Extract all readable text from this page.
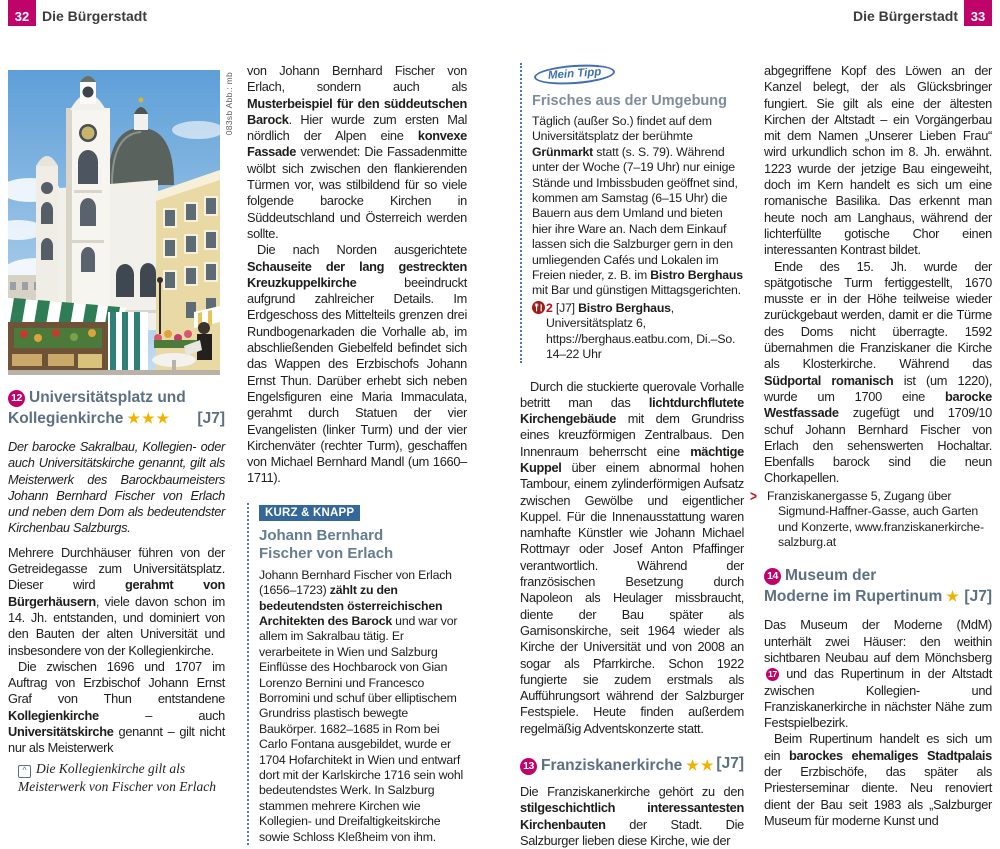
32 Die Bürgerstadt	Die Bürgerstadt 33
083sb Abb.: mb
12 Universitätsplatz und
Kollegienkirche ★★★ [J7]

Der barocke Sakralbau, Kollegien- oder auch Universitätskirche genannt, gilt als Meisterwerk des Barockbaumeisters Johann Bernhard Fischer von Erlach und neben dem Dom als bedeutendster Kirchenbau Salzburgs.

Mehrere Durchhäuser führen von der Getreidegasse zum Universitätsplatz. Dieser wird gerahmt von Bürgerhäusern, viele davon schon im 14. Jh. entstanden, und dominiert von den Bauten der alten Universität und insbesondere von der Kollegienkirche.

Die zwischen 1696 und 1707 im Auftrag von Erzbischof Johann Ernst Graf von Thun entstandene Kollegienkirche – auch Universitätskirche genannt – gilt nicht nur als Meisterwerk

^ Die Kollegienkirche gilt als Meisterwerk von Fischer von Erlach

von Johann Bernhard Fischer von Erlach, sondern auch als Musterbeispiel für den süddeutschen Barock. Hier wurde zum ersten Mal nördlich der Alpen eine konvexe Fassade verwendet: Die Fassadenmitte wölbt sich zwischen den flankierenden Türmen vor, was stilbildend für so viele folgende barocke Kirchen in Süddeutschland und Österreich werden sollte.

Die nach Norden ausgerichtete Schauseite der lang gestreckten Kreuzkuppelkirche beeindruckt aufgrund zahlreicher Details. Im Erdgeschoss des Mittelteils grenzen drei Rundbogenarkaden die Vorhalle ab, im abschließenden Giebelfeld befindet sich das Wappen des Erzbischofs Johann Ernst Thun. Darüber erhebt sich neben Engelsfiguren eine Maria Immaculata, gerahmt durch Statuen der vier Evangelisten (linker Turm) und der vier Kirchenväter (rechter Turm), geschaffen von Michael Bernhard Mandl (um 1660–1711).

KURZ & KNAPP
Johann Bernhard
Fischer von Erlach

Johann Bernhard Fischer von Erlach (1656–1723) zählt zu den bedeutendsten österreichischen Architekten des Barock und war vor allem im Sakralbau tätig. Er verarbeitete in Wien und Salzburg Einflüsse des Hochbarock von Gian Lorenzo Bernini und Francesco Borromini und schuf über elliptischem Grundriss plastisch bewegte Baukörper. 1682–1685 in Rom bei Carlo Fontana ausgebildet, wurde er 1704 Hofarchitekt in Wien und entwarf dort mit der Karlskirche 1716 sein wohl bedeutendstes Werk. In Salzburg stammen mehrere Kirchen wie Kollegien- und Dreifaltigkeitskirche sowie Schloss Kleßheim von ihm.

Mein Tipp
Frisches aus der Umgebung

Täglich (außer So.) findet auf dem Universitätsplatz der berühmte Grünmarkt statt (s. S. 79). Während unter der Woche (7–19 Uhr) nur einige Stände und Imbissbuden geöffnet sind, kommen am Samstag (6–15 Uhr) die Bauern aus dem Umland und bieten hier ihre Ware an. Nach dem Einkauf lassen sich die Salzburger gern in den umliegenden Cafés und Lokalen im Freien nieder, z. B. im Bistro Berghaus mit Bar und günstigen Mittagsgerichten.

2 [J7] Bistro Berghaus, Universitätsplatz 6, https://berghaus.eatbu.com, Di.–So. 14–22 Uhr

Durch die stuckierte querovale Vorhalle betritt man das lichtdurchflutete Kirchengebäude mit dem Grundriss eines kreuzförmigen Zentralbaus. Den Innenraum beherrscht eine mächtige Kuppel über einem abnormal hohen Tambour, einem zylinderförmigen Aufsatz zwischen Gewölbe und eigentlicher Kuppel. Für die Innenausstattung waren namhafte Künstler wie Johann Michael Rottmayr oder Josef Anton Pfaffinger verantwortlich. Während der französischen Besetzung durch Napoleon als Heulager missbraucht, diente der Bau später als Garnisonskirche, seit 1964 wieder als Kirche der Universität und von 2008 an sogar als Pfarrkirche. Schon 1922 fungierte sie zudem erstmals als Aufführungsort während der Salzburger Festspiele. Heute finden außerdem regelmäßig Adventskonzerte statt.

13 Franziskanerkirche ★★ [J7]

Die Franziskanerkirche gehört zu den stilgeschichtlich interessantesten Kirchenbauten der Stadt. Die Salzburger lieben diese Kirche, wie der

abgegriffene Kopf des Löwen an der Kanzel belegt, der als Glücksbringer fungiert. Sie gilt als eine der ältesten Kirchen der Altstadt – ein Vorgängerbau mit dem Namen „Unserer Lieben Frau“ wird urkundlich schon im 8. Jh. erwähnt. 1223 wurde der jetzige Bau eingeweiht, doch im Kern handelt es sich um eine romanische Basilika. Das erkennt man heute noch am Langhaus, während der lichterfüllte gotische Chor einen interessanten Kontrast bildet.

Ende des 15. Jh. wurde der spätgotische Turm fertiggestellt, 1670 musste er in der Höhe teilweise wieder zurückgebaut werden, damit er die Türme des Doms nicht überragte. 1592 übernahmen die Franziskaner die Kirche als Klosterkirche. Während das Südportal romanisch ist (um 1220), wurde um 1700 eine barocke Westfassade zugefügt und 1709/10 schuf Johann Bernhard Fischer von Erlach den sehenswerten Hochaltar. Ebenfalls barock sind die neun Chorkapellen.

> Franziskanergasse 5, Zugang über Sigmund-Haffner-Gasse, auch Garten und Konzerte, www.franziskanerkirche-salzburg.at

14 Museum der
Moderne im Rupertinum ★ [J7]

Das Museum der Moderne (MdM) unterhält zwei Häuser: den weithin sichtbaren Neubau auf dem Mönchsberg17 und das Rupertinum in der Altstadt zwischen Kollegien- und Franziskanerkirche in nächster Nähe zum Festspielbezirk.

Beim Rupertinum handelt es sich um ein barockes ehemaliges Stadtpalais der Erzbischöfe, das später als Priesterseminar diente. Neu renoviert dient der Bau seit 1983 als „Salzburger Museum für moderne Kunst und
